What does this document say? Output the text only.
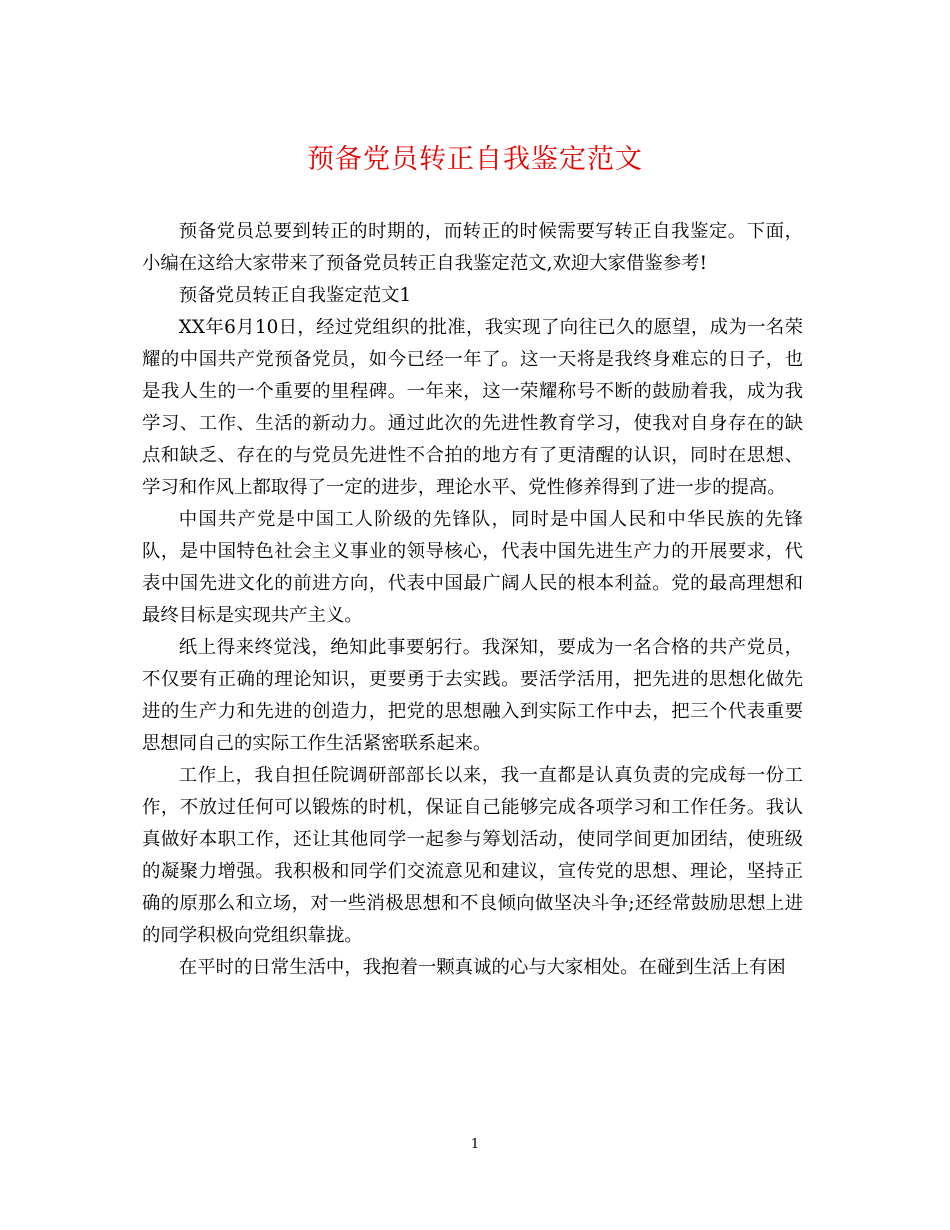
预备党员转正自我鉴定范文

预备党员总要到转正的时期的，而转正的时候需要写转正自我鉴定。下面，小编在这给大家带来了预备党员转正自我鉴定范文,欢迎大家借鉴参考!

预备党员转正自我鉴定范文1

XX年6月10日，经过党组织的批准，我实现了向往已久的愿望，成为一名荣耀的中国共产党预备党员，如今已经一年了。这一天将是我终身难忘的日子，也是我人生的一个重要的里程碑。一年来，这一荣耀称号不断的鼓励着我，成为我学习、工作、生活的新动力。通过此次的先进性教育学习，使我对自身存在的缺点和缺乏、存在的与党员先进性不合拍的地方有了更清醒的认识，同时在思想、学习和作风上都取得了一定的进步，理论水平、党性修养得到了进一步的提高。

中国共产党是中国工人阶级的先锋队，同时是中国人民和中华民族的先锋队，是中国特色社会主义事业的领导核心，代表中国先进生产力的开展要求，代表中国先进文化的前进方向，代表中国最广阔人民的根本利益。党的最高理想和最终目标是实现共产主义。

纸上得来终觉浅，绝知此事要躬行。我深知，要成为一名合格的共产党员，不仅要有正确的理论知识，更要勇于去实践。要活学活用，把先进的思想化做先进的生产力和先进的创造力，把党的思想融入到实际工作中去，把三个代表重要思想同自己的实际工作生活紧密联系起来。

工作上，我自担任院调研部部长以来，我一直都是认真负责的完成每一份工作，不放过任何可以锻炼的时机，保证自己能够完成各项学习和工作任务。我认真做好本职工作，还让其他同学一起参与筹划活动，使同学间更加团结，使班级的凝聚力增强。我积极和同学们交流意见和建议，宣传党的思想、理论，坚持正确的原那么和立场，对一些消极思想和不良倾向做坚决斗争;还经常鼓励思想上进的同学积极向党组织靠拢。

在平时的日常生活中，我抱着一颗真诚的心与大家相处。在碰到生活上有困

1
